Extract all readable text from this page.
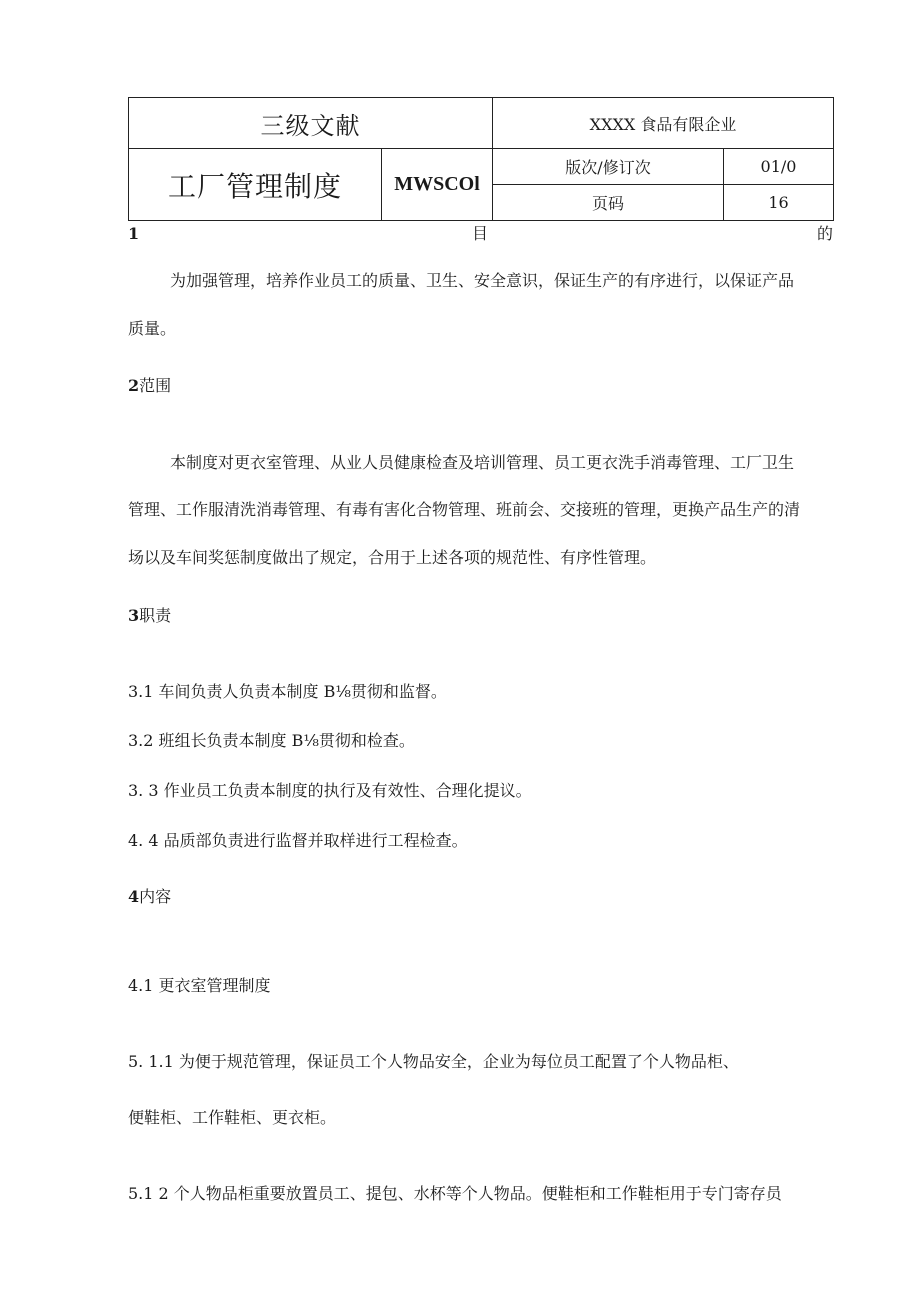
三级文献	XXXX 食品有限企业
工厂管理制度	MWSCOl
版次/修订次	01/0
页码	16
1	目	的
为加强管理，培养作业员工的质量、卫生、安全意识，保证生产的有序进行，以保证产品
质量。
2范围
本制度对更衣室管理、从业人员健康检查及培训管理、员工更衣洗手消毒管理、工厂卫生
管理、工作服清洗消毒管理、有毒有害化合物管理、班前会、交接班的管理，更换产品生产的清
场以及车间奖惩制度做出了规定，合用于上述各项的规范性、有序性管理。
3职责
3.1 车间负责人负责本制度 B⅛贯彻和监督。
3.2 班组长负责本制度 B⅛贯彻和检查。
3. 3 作业员工负责本制度的执行及有效性、合理化提议。
4. 4 品质部负责进行监督并取样进行工程检查。
4内容
4.1 更衣室管理制度
5. 1.1 为便于规范管理，保证员工个人物品安全，企业为每位员工配置了个人物品柜、
便鞋柜、工作鞋柜、更衣柜。
5.1 2 个人物品柜重要放置员工、提包、水杯等个人物品。便鞋柜和工作鞋柜用于专门寄存员
